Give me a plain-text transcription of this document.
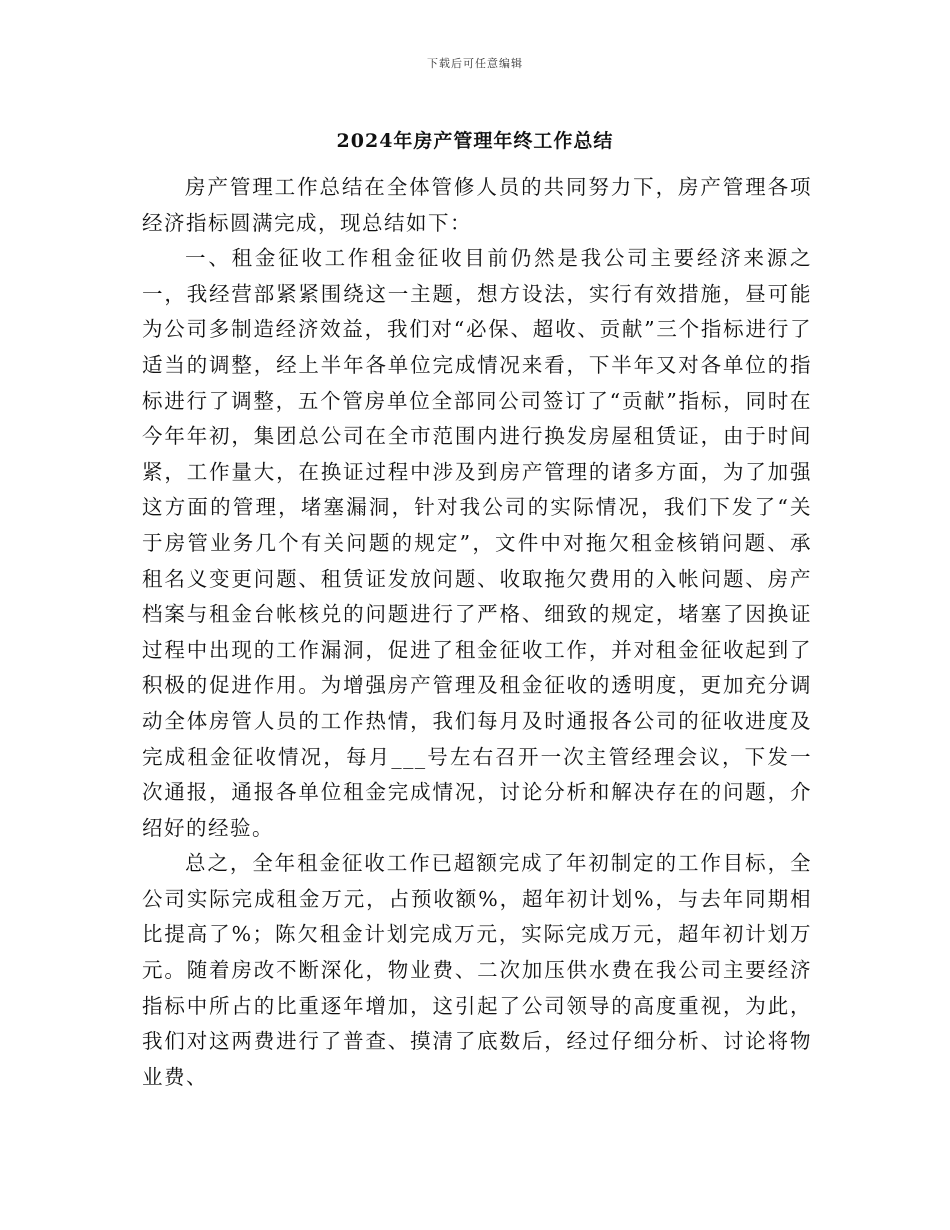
下载后可任意编辑
2024年房产管理年终工作总结

房产管理工作总结在全体管修人员的共同努力下，房产管理各项经济指标圆满完成，现总结如下：

一、租金征收工作租金征收目前仍然是我公司主要经济来源之一，我经营部紧紧围绕这一主题，想方设法，实行有效措施，昼可能为公司多制造经济效益，我们对“必保、超收、贡献”三个指标进行了适当的调整，经上半年各单位完成情况来看，下半年又对各单位的指标进行了调整，五个管房单位全部同公司签订了“贡献”指标，同时在今年年初，集团总公司在全市范围内进行换发房屋租赁证，由于时间紧，工作量大，在换证过程中涉及到房产管理的诸多方面，为了加强这方面的管理，堵塞漏洞，针对我公司的实际情况，我们下发了“关于房管业务几个有关问题的规定”，文件中对拖欠租金核销问题、承租名义变更问题、租赁证发放问题、收取拖欠费用的入帐问题、房产档案与租金台帐核兑的问题进行了严格、细致的规定，堵塞了因换证过程中出现的工作漏洞，促进了租金征收工作，并对租金征收起到了积极的促进作用。为增强房产管理及租金征收的透明度，更加充分调动全体房管人员的工作热情，我们每月及时通报各公司的征收进度及完成租金征收情况，每月___号左右召开一次主管经理会议，下发一次通报，通报各单位租金完成情况，讨论分析和解决存在的问题，介绍好的经验。

总之，全年租金征收工作已超额完成了年初制定的工作目标，全公司实际完成租金万元，占预收额%，超年初计划%，与去年同期相比提高了%；陈欠租金计划完成万元，实际完成万元，超年初计划万元。随着房改不断深化，物业费、二次加压供水费在我公司主要经济指标中所占的比重逐年增加，这引起了公司领导的高度重视，为此，我们对这两费进行了普查、摸清了底数后，经过仔细分析、讨论将物业费、
